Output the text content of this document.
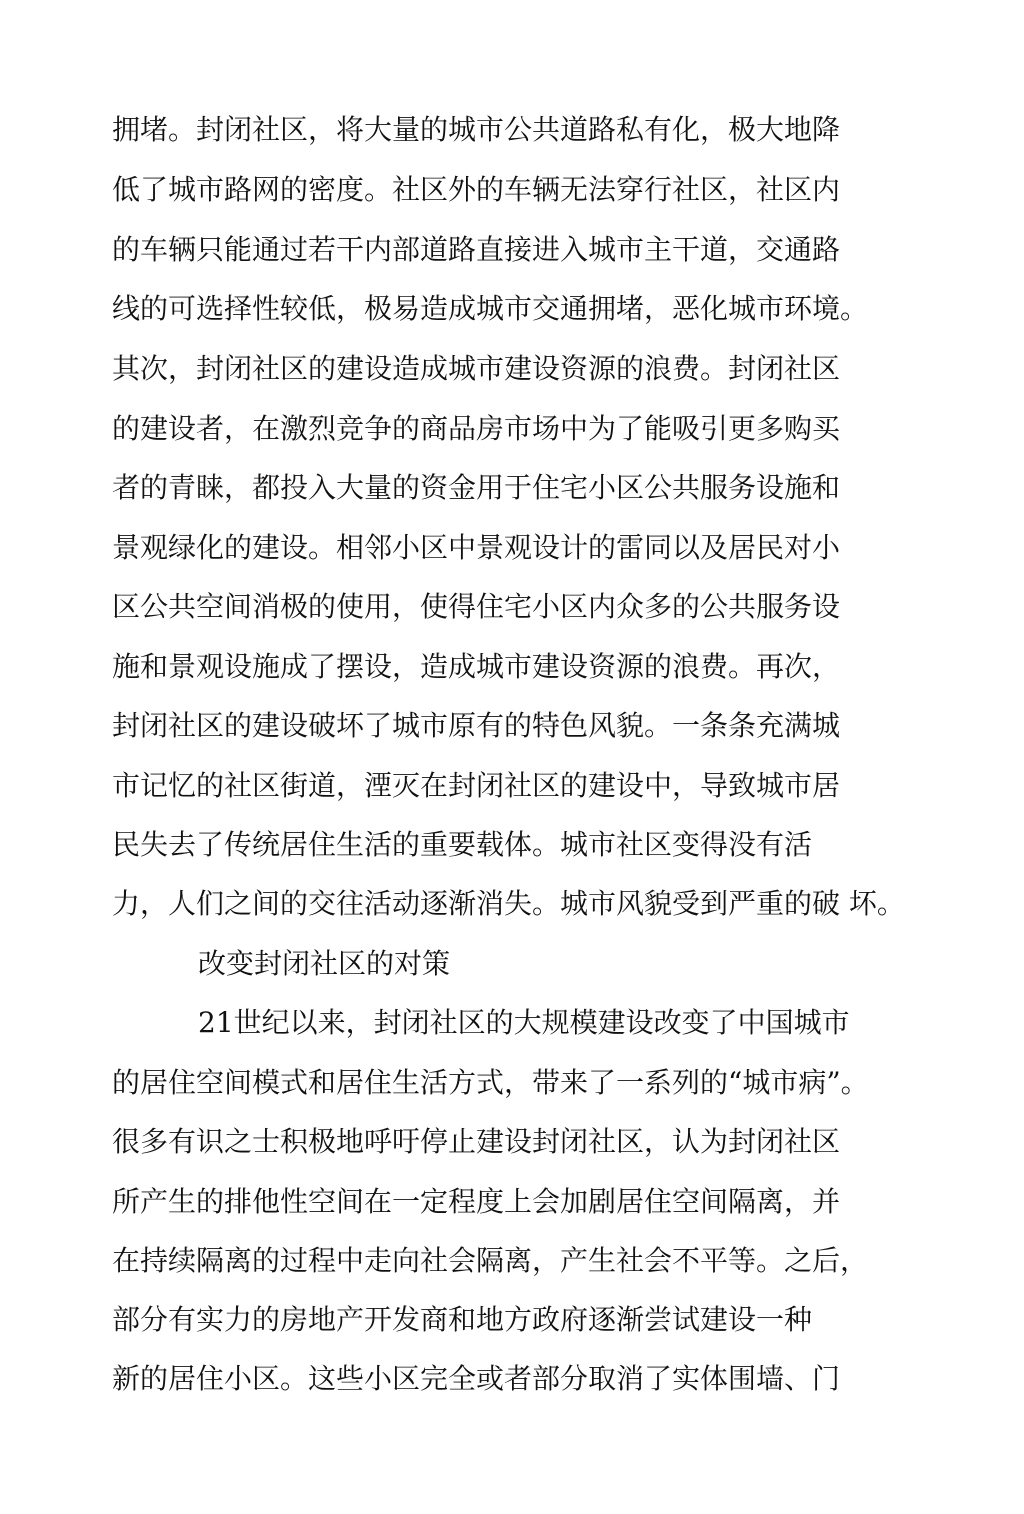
拥堵。封闭社区，将大量的城市公共道路私有化，极大地降
低了城市路网的密度。社区外的车辆无法穿行社区，社区内
的车辆只能通过若干内部道路直接进入城市主干道，交通路
线的可选择性较低，极易造成城市交通拥堵，恶化城市环境。
其次，封闭社区的建设造成城市建设资源的浪费。封闭社区
的建设者，在激烈竞争的商品房市场中为了能吸引更多购买
者的青睐，都投入大量的资金用于住宅小区公共服务设施和
景观绿化的建设。相邻小区中景观设计的雷同以及居民对小
区公共空间消极的使用，使得住宅小区内众多的公共服务设
施和景观设施成了摆设，造成城市建设资源的浪费。再次，
封闭社区的建设破坏了城市原有的特色风貌。一条条充满城
市记忆的社区街道，湮灭在封闭社区的建设中，导致城市居
民失去了传统居住生活的重要载体。城市社区变得没有活
力，人们之间的交往活动逐渐消失。城市风貌受到严重的破 坏。
改变封闭社区的对策
21世纪以来，封闭社区的大规模建设改变了中国城市
的居住空间模式和居住生活方式，带来了一系列的“城市病”。
很多有识之士积极地呼吁停止建设封闭社区，认为封闭社区
所产生的排他性空间在一定程度上会加剧居住空间隔离，并
在持续隔离的过程中走向社会隔离，产生社会不平等。之后，
部分有实力的房地产开发商和地方政府逐渐尝试建设一种
新的居住小区。这些小区完全或者部分取消了实体围墙、门
